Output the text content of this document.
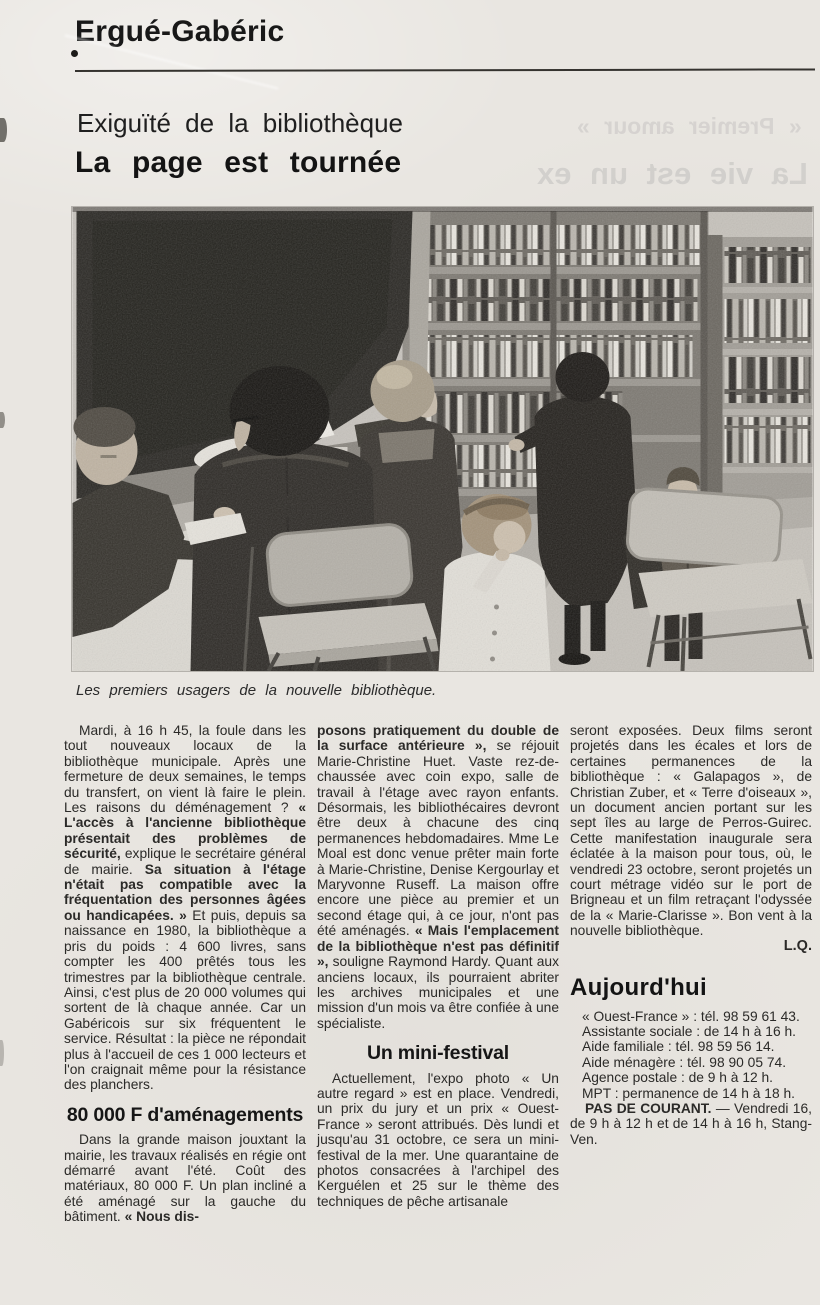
« Premier amour »
La vie est un ex
Ergué-Gabéric
Exiguïté de la bibliothèque
La page est tournée
Les premiers usagers de la nouvelle bibliothèque.

Mardi, à 16 h 45, la foule dans les tout nouveaux locaux de la bibliothèque municipale. Après une fermeture de deux semaines, le temps du transfert, on vient là faire le plein. Les raisons du déménagement ? « L'accès à l'ancienne bibliothèque présentait des problèmes de sécurité, explique le secrétaire général de mairie. Sa situation à l'étage n'était pas compatible avec la fréquentation des personnes âgées ou handicapées. » Et puis, depuis sa naissance en 1980, la bibliothèque a pris du poids : 4 600 livres, sans compter les 400 prêtés tous les trimestres par la bibliothèque centrale. Ainsi, c'est plus de 20 000 volumes qui sortent de là chaque année. Car un Gabéricois sur six fréquentent le service. Résultat : la pièce ne répondait plus à l'accueil de ces 1 000 lecteurs et l'on craignait même pour la résistance des planchers.

80 000 F d'aménagements

Dans la grande maison jouxtant la mairie, les travaux réalisés en régie ont démarré avant l'été. Coût des matériaux, 80 000 F. Un plan incliné a été aménagé sur la gauche du bâtiment. « Nous dis-

posons pratiquement du double de la surface antérieure », se réjouit Marie-Christine Huet. Vaste rez-de-chaussée avec coin expo, salle de travail à l'étage avec rayon enfants. Désormais, les bibliothécaires devront être deux à chacune des cinq permanences hebdomadaires. Mme Le Moal est donc venue prêter main forte à Marie-Christine, Denise Kergourlay et Maryvonne Ruseff. La maison offre encore une pièce au premier et un second étage qui, à ce jour, n'ont pas été aménagés. « Mais l'emplacement de la bibliothèque n'est pas définitif », souligne Raymond Hardy. Quant aux anciens locaux, ils pourraient abriter les archives municipales et une mission d'un mois va être confiée à une spécialiste.

Un mini-festival

Actuellement, l'expo photo « Un autre regard » est en place. Vendredi, un prix du jury et un prix « Ouest-France » seront attribués. Dès lundi et jusqu'au 31 octobre, ce sera un mini-festival de la mer. Une quarantaine de photos consacrées à l'archipel des Kerguélen et 25 sur le thème des techniques de pêche artisanale

seront exposées. Deux films seront projetés dans les écales et lors de certaines permanences de la bibliothèque : « Galapagos », de Christian Zuber, et « Terre d'oiseaux », un document ancien portant sur les sept îles au large de Perros-Guirec. Cette manifestation inaugurale sera éclatée à la maison pour tous, où, le vendredi 23 octobre, seront projetés un court métrage vidéo sur le port de Brigneau et un film retraçant l'odyssée de la « Marie-Clarisse ». Bon vent à la nouvelle bibliothèque.

L.Q.

Aujourd'hui

« Ouest-France » : tél. 98 59 61 43.

Assistante sociale : de 14 h à 16 h.

Aide familiale : tél. 98 59 56 14.

Aide ménagère : tél. 98 90 05 74.

Agence postale : de 9 h à 12 h.

MPT : permanence de 14 h à 18 h.

PAS DE COURANT. — Vendredi 16, de 9 h à 12 h et de 14 h à 16 h, Stang-Ven.
